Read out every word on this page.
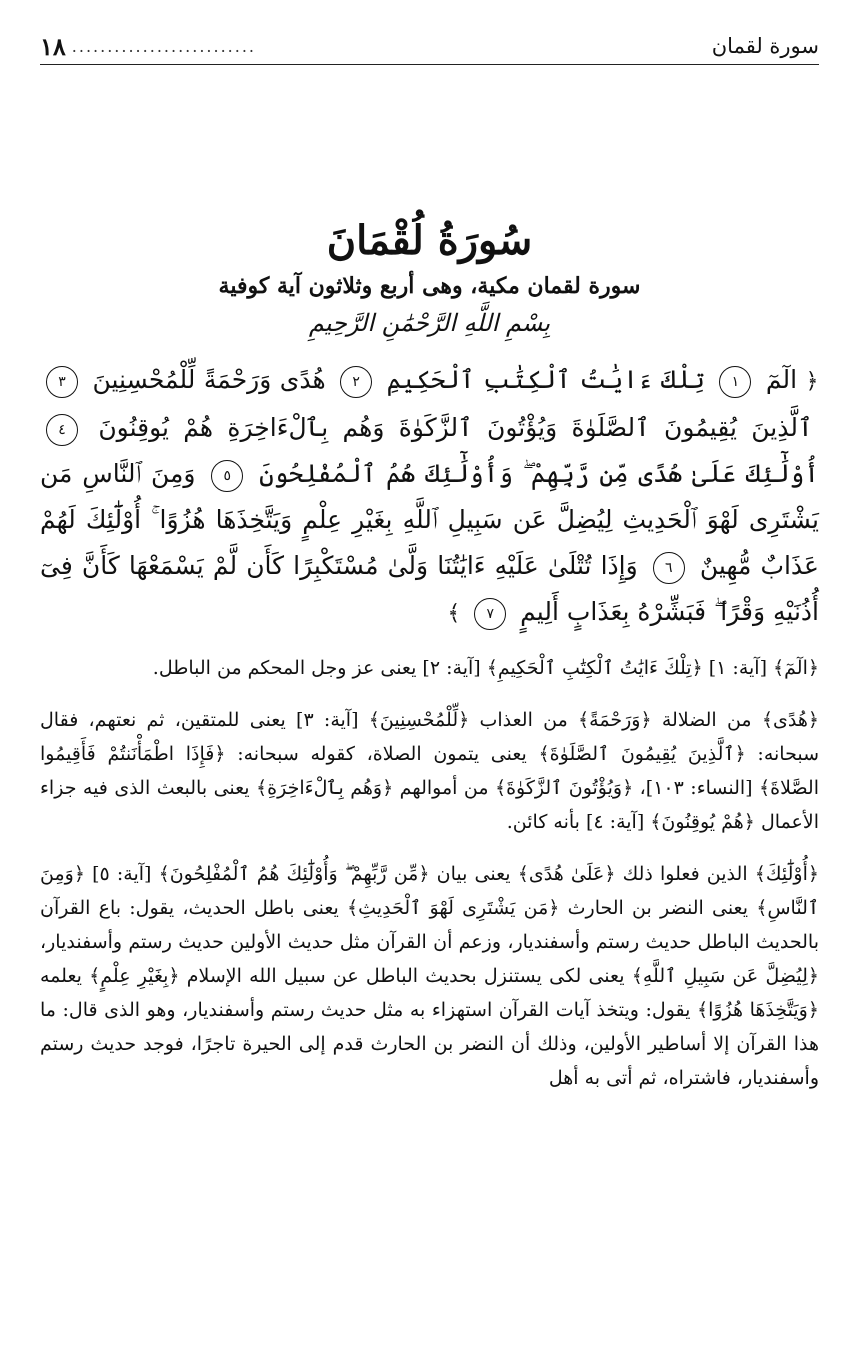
سورة لقمان
..........................
١٨
سُورَةُ لُقْمَانَ

سورة لقمان مكية، وهى أربع وثلاثون آية كوفية

بِسْمِ اللَّهِ الرَّحْمَٰنِ الرَّحِيمِ
﴿ الٓمٓ ١ تِلْكَ ءَايَٰتُ ٱلْكِتَٰبِ ٱلْحَكِيمِ ٢ هُدًى وَرَحْمَةً لِّلْمُحْسِنِينَ ٣ ٱلَّذِينَ يُقِيمُونَ ٱلصَّلَوٰةَ وَيُؤْتُونَ ٱلزَّكَوٰةَ وَهُم بِٱلْءَاخِرَةِ هُمْ يُوقِنُونَ ٤ أُوْلَٰٓئِكَ عَلَىٰ هُدًى مِّن رَّبِّهِمْ ۖ وَأُوْلَٰٓئِكَ هُمُ ٱلْمُفْلِحُونَ ٥ وَمِنَ ٱلنَّاسِ مَن يَشْتَرِى لَهْوَ ٱلْحَدِيثِ لِيُضِلَّ عَن سَبِيلِ ٱللَّهِ بِغَيْرِ عِلْمٍ وَيَتَّخِذَهَا هُزُوًا ۚ أُوْلَٰٓئِكَ لَهُمْ عَذَابٌ مُّهِينٌ ٦ وَإِذَا تُتْلَىٰ عَلَيْهِ ءَايَٰتُنَا وَلَّىٰ مُسْتَكْبِرًا كَأَن لَّمْ يَسْمَعْهَا كَأَنَّ فِىٓ أُذُنَيْهِ وَقْرًا ۖ فَبَشِّرْهُ بِعَذَابٍ أَلِيمٍ ٧ ﴾

﴿الٓمٓ﴾ [آية: ١] ﴿تِلْكَ ءَايَٰتُ ٱلْكِتَٰبِ ٱلْحَكِيمِ﴾ [آية: ٢] يعنى عز وجل المحكم من الباطل.

﴿هُدًى﴾ من الضلالة ﴿وَرَحْمَةً﴾ من العذاب ﴿لِّلْمُحْسِنِينَ﴾ [آية: ٣] يعنى للمتقين، ثم نعتهم، فقال سبحانه: ﴿ٱلَّذِينَ يُقِيمُونَ ٱلصَّلَوٰةَ﴾ يعنى يتمون الصلاة، كقوله سبحانه: ﴿فَإِذَا اطْمَأْنَنتُمْ فَأَقِيمُوا الصَّلاةَ﴾ [النساء: ١٠٣]، ﴿وَيُؤْتُونَ ٱلزَّكَوٰةَ﴾ من أموالهم ﴿وَهُم بِٱلْءَاخِرَةِ﴾ يعنى بالبعث الذى فيه جزاء الأعمال ﴿هُمْ يُوقِنُونَ﴾ [آية: ٤] بأنه كائن.

﴿أُوْلَٰٓئِكَ﴾ الذين فعلوا ذلك ﴿عَلَىٰ هُدًى﴾ يعنى بيان ﴿مِّن رَّبِّهِمْ ۖ وَأُوْلَٰٓئِكَ هُمُ ٱلْمُفْلِحُونَ﴾ [آية: ٥] ﴿وَمِنَ ٱلنَّاسِ﴾ يعنى النضر بن الحارث ﴿مَن يَشْتَرِى لَهْوَ ٱلْحَدِيثِ﴾ يعنى باطل الحديث، يقول: باع القرآن بالحديث الباطل حديث رستم وأسفنديار، وزعم أن القرآن مثل حديث الأولين حديث رستم وأسفنديار، ﴿لِيُضِلَّ عَن سَبِيلِ ٱللَّهِ﴾ يعنى لكى يستنزل بحديث الباطل عن سبيل الله الإسلام ﴿بِغَيْرِ عِلْمٍ﴾ يعلمه ﴿وَيَتَّخِذَهَا هُزُوًا﴾ يقول: ويتخذ آيات القرآن استهزاء به مثل حديث رستم وأسفنديار، وهو الذى قال: ما هذا القرآن إلا أساطير الأولين، وذلك أن النضر بن الحارث قدم إلى الحيرة تاجرًا، فوجد حديث رستم وأسفنديار، فاشتراه، ثم أتى به أهل
